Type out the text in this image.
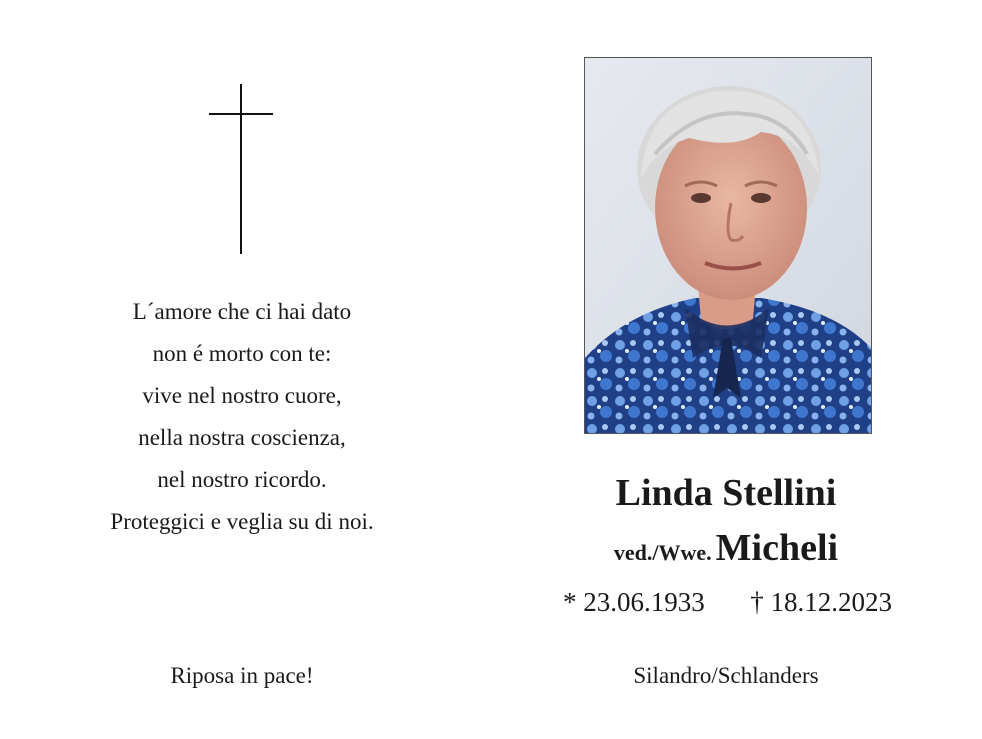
L´amore che ci hai dato
non é morto con te:
vive nel nostro cuore,
nella nostra coscienza,
nel nostro ricordo.
Proteggici e veglia su di noi.
Riposa in pace!
Linda Stellini
ved./Wwe. Micheli
* 23.06.1933 † 18.12.2023
Silandro/Schlanders
